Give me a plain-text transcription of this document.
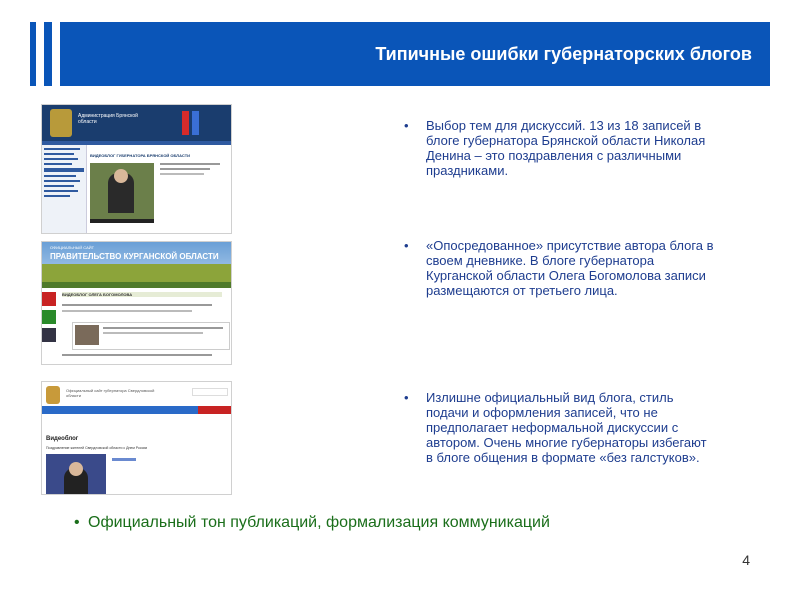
Типичные ошибки губернаторских блогов
Администрация Брянской области
ВИДЕОБЛОГ ГУБЕРНАТОРА БРЯНСКОЙ ОБЛАСТИ
ОФИЦИАЛЬНЫЙ САЙТ
ПРАВИТЕЛЬСТВО КУРГАНСКОЙ ОБЛАСТИ
ВИДЕОБЛОГ ОЛЕГА БОГОМОЛОВА
Официальный сайт губернатора Свердловской области
Видеоблог
Поздравление жителей Свердловской области с Днем России
• Выбор тем для дискуссий. 13 из 18 записей в блоге губернатора Брянской области Николая Денина – это поздравления с различными праздниками.
• «Опосредованное» присутствие автора блога в своем дневнике. В блоге губернатора Курганской области Олега Богомолова записи размещаются от третьего лица.
• Излишне официальный вид блога, стиль подачи и оформления записей, что не предполагает неформальной дискуссии с автором. Очень многие губернаторы избегают в блоге общения в формате «без галстуков».
• Официальный тон публикаций, формализация коммуникаций
4
